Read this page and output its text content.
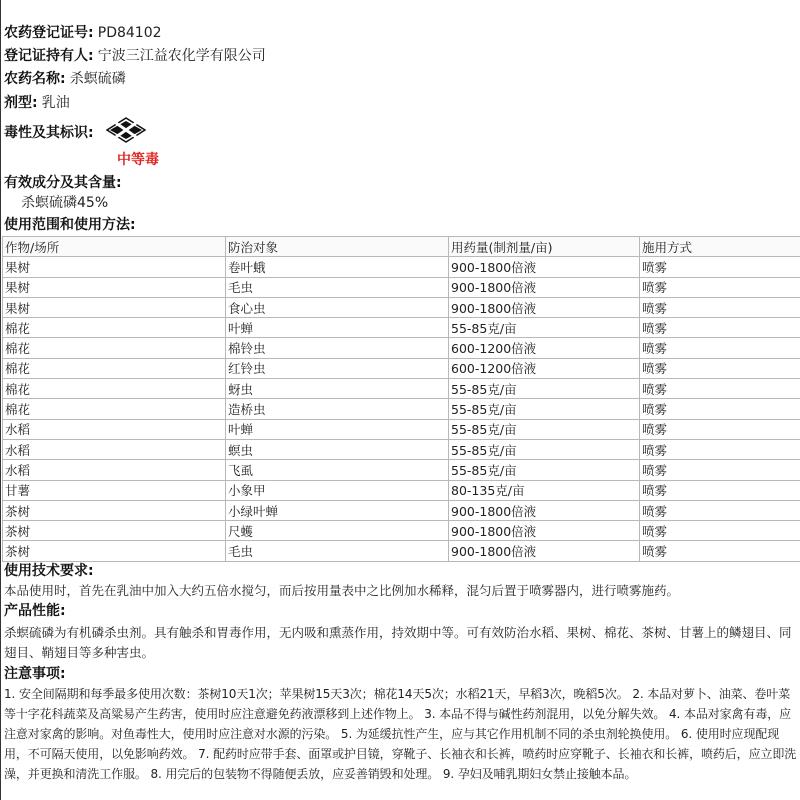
农药登记证号: PD84102
登记证持有人: 宁波三江益农化学有限公司
农药名称: 杀螟硫磷
剂型: 乳油
毒性及其标识:
中等毒
有效成分及其含量:
杀螟硫磷45%
使用范围和使用方法:
作物/场所	防治对象	用药量(制剂量/亩)	施用方式
果树	卷叶蛾	900-1800倍液	喷雾
果树	毛虫	900-1800倍液	喷雾
果树	食心虫	900-1800倍液	喷雾
棉花	叶蝉	55-85克/亩	喷雾
棉花	棉铃虫	600-1200倍液	喷雾
棉花	红铃虫	600-1200倍液	喷雾
棉花	蚜虫	55-85克/亩	喷雾
棉花	造桥虫	55-85克/亩	喷雾
水稻	叶蝉	55-85克/亩	喷雾
水稻	螟虫	55-85克/亩	喷雾
水稻	飞虱	55-85克/亩	喷雾
甘薯	小象甲	80-135克/亩	喷雾
茶树	小绿叶蝉	900-1800倍液	喷雾
茶树	尺蠖	900-1800倍液	喷雾
茶树	毛虫	900-1800倍液	喷雾
使用技术要求:
本品使用时，首先在乳油中加入大约五倍水搅匀，而后按用量表中之比例加水稀释，混匀后置于喷雾器内，进行喷雾施药。
产品性能:
杀螟硫磷为有机磷杀虫剂。具有触杀和胃毒作用，无内吸和熏蒸作用，持效期中等。可有效防治水稻、果树、棉花、茶树、甘薯上的鳞翅目、同翅目、鞘翅目等多种害虫。
注意事项:
1. 安全间隔期和每季最多使用次数：茶树10天1次；苹果树15天3次；棉花14天5次；水稻21天，早稻3次，晚稻5次。 2. 本品对萝卜、油菜、卷叶菜等十字花科蔬菜及高粱易产生药害，使用时应注意避免药液漂移到上述作物上。 3. 本品不得与碱性药剂混用，以免分解失效。 4. 本品对家禽有毒，应注意对家禽的影响。对鱼毒性大，使用时应注意对水源的污染。 5. 为延缓抗性产生，应与其它作用机制不同的杀虫剂轮换使用。 6. 使用时应现配现用，不可隔天使用，以免影响药效。 7. 配药时应带手套、面罩或护目镜，穿靴子、长袖衣和长裤，喷药时应穿靴子、长袖衣和长裤，喷药后，应立即洗澡，并更换和清洗工作服。 8. 用完后的包装物不得随便丢放，应妥善销毁和处理。 9. 孕妇及哺乳期妇女禁止接触本品。
